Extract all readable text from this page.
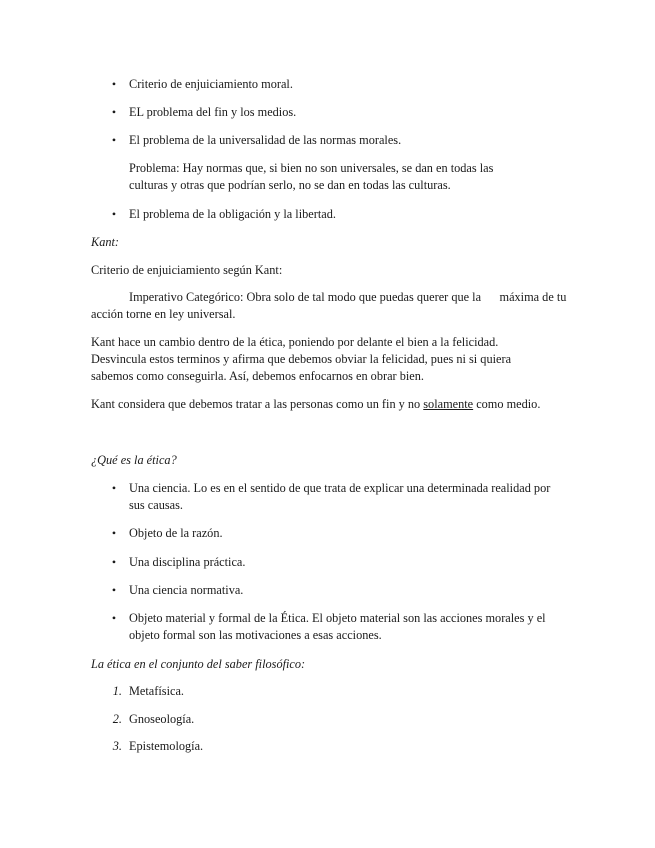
• Criterio de enjuiciamiento moral.

• EL problema del fin y los medios.

• El problema de la universalidad de las normas morales.

Problema: Hay normas que, si bien no son universales, se dan en todas las culturas y otras que podrían serlo, no se dan en todas las culturas.

• El problema de la obligación y la libertad.

Kant:

Criterio de enjuiciamiento según Kant:

Imperativo Categórico: Obra solo de tal modo que puedas querer que la      máxima de tu acción torne en ley universal.

Kant hace un cambio dentro de la ética, poniendo por delante el bien a la felicidad. Desvincula estos terminos y afirma que debemos obviar la felicidad, pues ni si quiera sabemos como conseguirla. Así, debemos enfocarnos en obrar bien.

Kant considera que debemos tratar a las personas como un fin y no solamente como medio.

¿Qué es la ética?

• Una ciencia. Lo es en el sentido de que trata de explicar una determinada realidad por sus causas.

• Objeto de la razón.

• Una disciplina práctica.

• Una ciencia normativa.

• Objeto material y formal de la Ética. El objeto material son las acciones morales y el objeto formal son las motivaciones a esas acciones.

La ética en el conjunto del saber filosófico:

1. Metafísica.

2. Gnoseología.

3. Epistemología.
